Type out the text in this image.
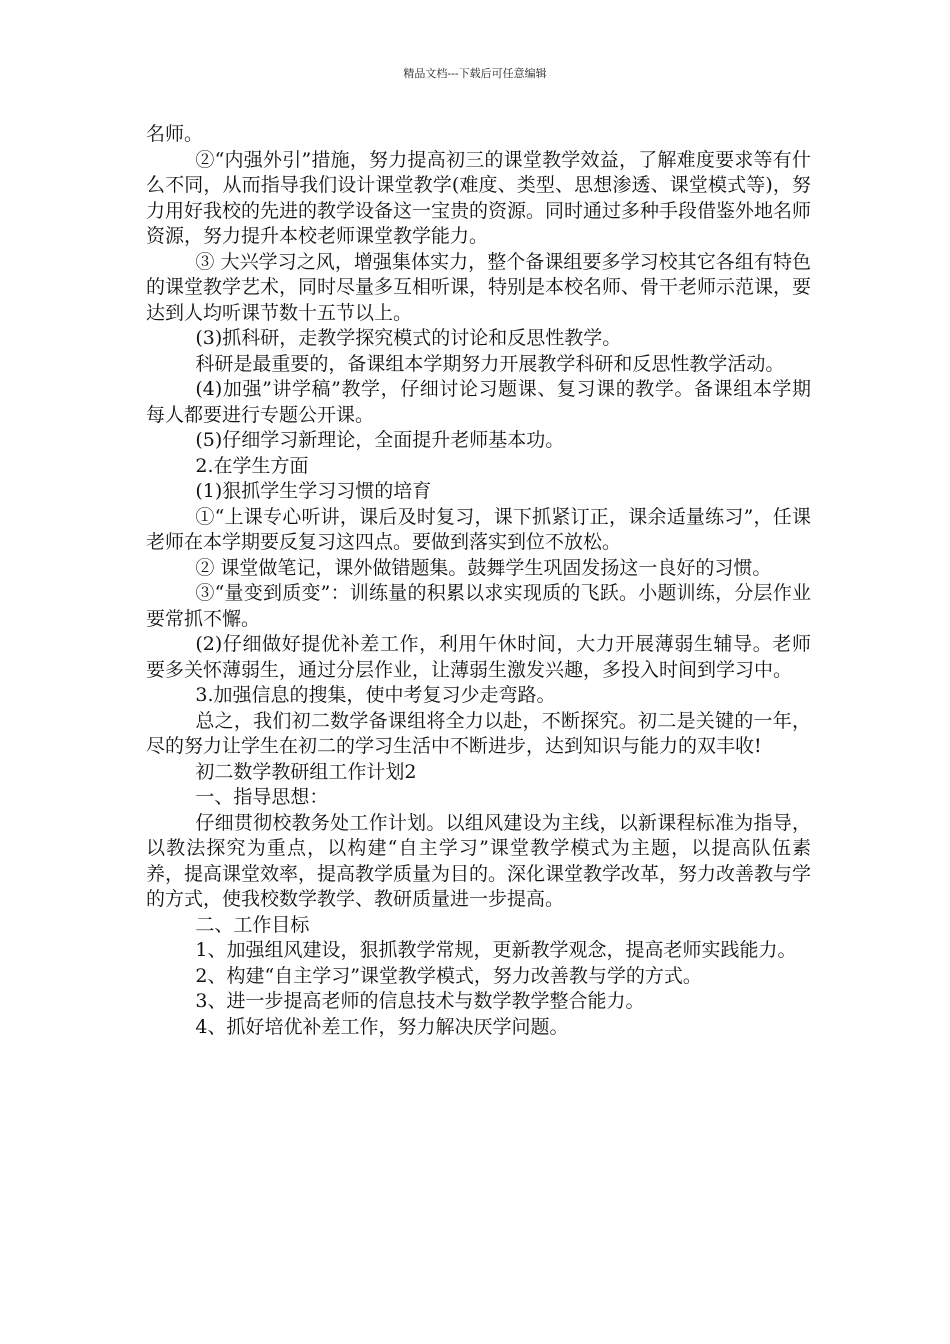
精品文档---下载后可任意编辑

名师。

②“内强外引”措施，努力提高初三的课堂教学效益，了解难度要求等有什么不同，从而指导我们设计课堂教学(难度、类型、思想渗透、课堂模式等)，努力用好我校的先进的教学设备这一宝贵的资源。同时通过多种手段借鉴外地名师资源，努力提升本校老师课堂教学能力。

③ 大兴学习之风，增强集体实力，整个备课组要多学习校其它各组有特色的课堂教学艺术，同时尽量多互相听课，特别是本校名师、骨干老师示范课，要达到人均听课节数十五节以上。

(3)抓科研，走教学探究模式的讨论和反思性教学。

科研是最重要的，备课组本学期努力开展教学科研和反思性教学活动。

(4)加强”讲学稿”教学，仔细讨论习题课、复习课的教学。备课组本学期每人都要进行专题公开课。

(5)仔细学习新理论，全面提升老师基本功。

2.在学生方面

(1)狠抓学生学习习惯的培育

①“上课专心听讲，课后及时复习，课下抓紧订正，课余适量练习”，任课老师在本学期要反复习这四点。要做到落实到位不放松。

② 课堂做笔记，课外做错题集。鼓舞学生巩固发扬这一良好的习惯。

③“量变到质变”：训练量的积累以求实现质的飞跃。小题训练，分层作业要常抓不懈。

(2)仔细做好提优补差工作，利用午休时间，大力开展薄弱生辅导。老师要多关怀薄弱生，通过分层作业，让薄弱生激发兴趣，多投入时间到学习中。

3.加强信息的搜集，使中考复习少走弯路。

总之，我们初二数学备课组将全力以赴，不断探究。初二是关键的一年，尽的努力让学生在初二的学习生活中不断进步，达到知识与能力的双丰收!

初二数学教研组工作计划2

一、指导思想：

仔细贯彻校教务处工作计划。以组风建设为主线，以新课程标准为指导，以教法探究为重点，以构建“自主学习”课堂教学模式为主题，以提高队伍素养，提高课堂效率，提高教学质量为目的。深化课堂教学改革，努力改善教与学的方式，使我校数学教学、教研质量进一步提高。

二、工作目标

1、加强组风建设，狠抓教学常规，更新教学观念，提高老师实践能力。

2、构建“自主学习”课堂教学模式，努力改善教与学的方式。

3、进一步提高老师的信息技术与数学教学整合能力。

4、抓好培优补差工作，努力解决厌学问题。
